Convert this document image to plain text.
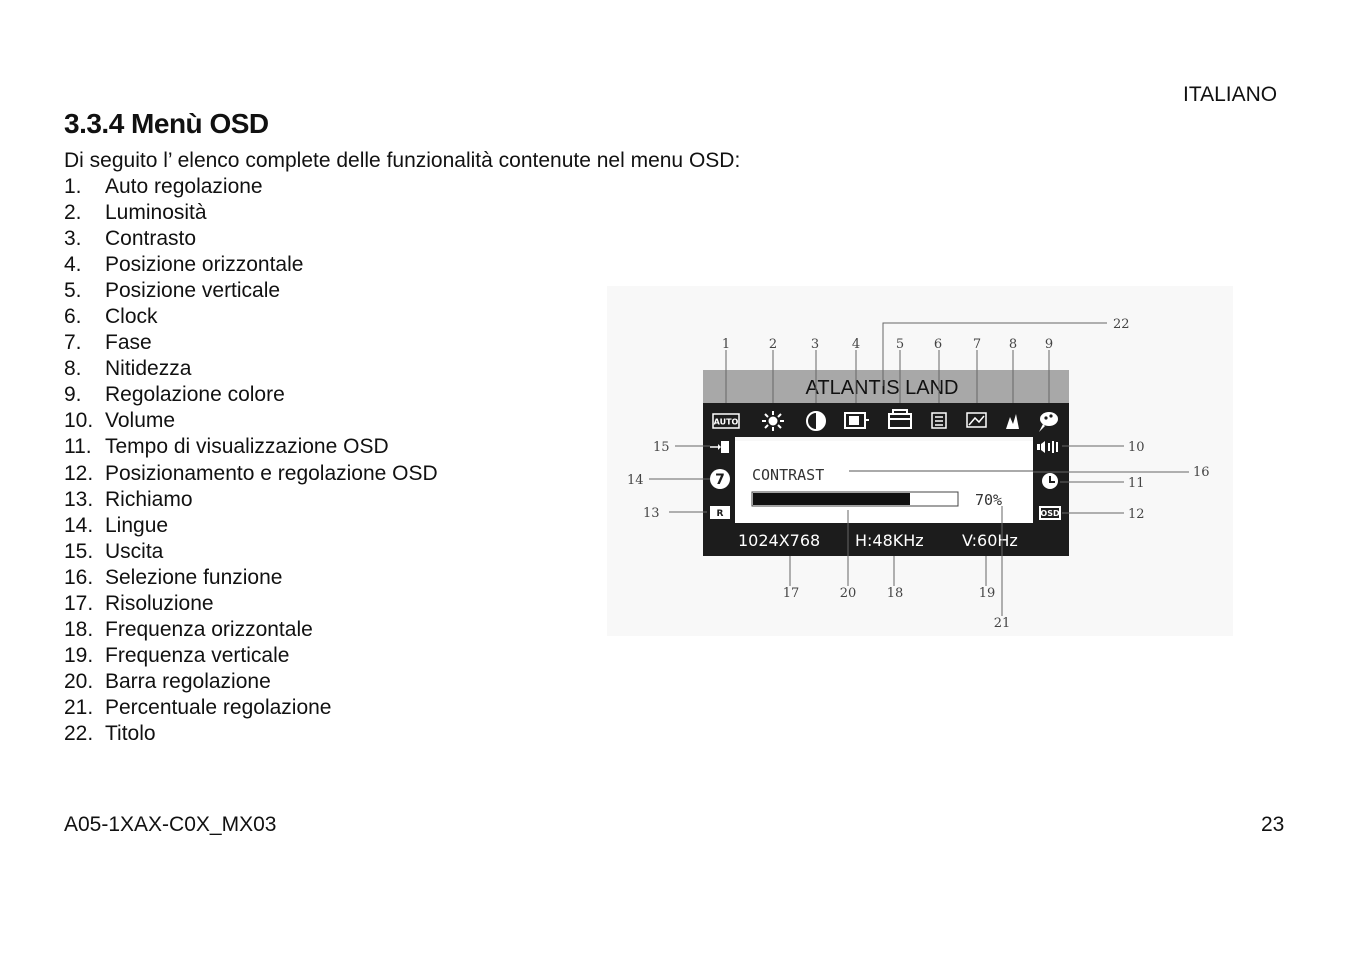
ITALIANO
3.3.4 Menù OSD
Di seguito l’ elenco complete delle funzionalità contenute nel menu OSD:
1. Auto regolazione
2. Luminosità
3. Contrasto
4. Posizione orizzontale
5. Posizione verticale
6. Clock
7. Fase
8. Nitidezza
9. Regolazione colore
10. Volume
11. Tempo di visualizzazione OSD
12. Posizionamento e regolazione OSD
13. Richiamo
14. Lingue
15. Uscita
16. Selezione funzione
17. Risoluzione
18. Frequenza orizzontale
19. Frequenza verticale
20. Barra regolazione
21. Percentuale regolazione
22. Titolo
ATLANTIS LAND
AUTO
7
R	OSD
CONTRAST
70%
1024X768 H:48KHz V:60Hz
1	2	3	4	5 6 7 8 9
22
15
14
13
10
16
11
12
17	20 18	19
21
A05-1XAX-C0X_MX03	23
